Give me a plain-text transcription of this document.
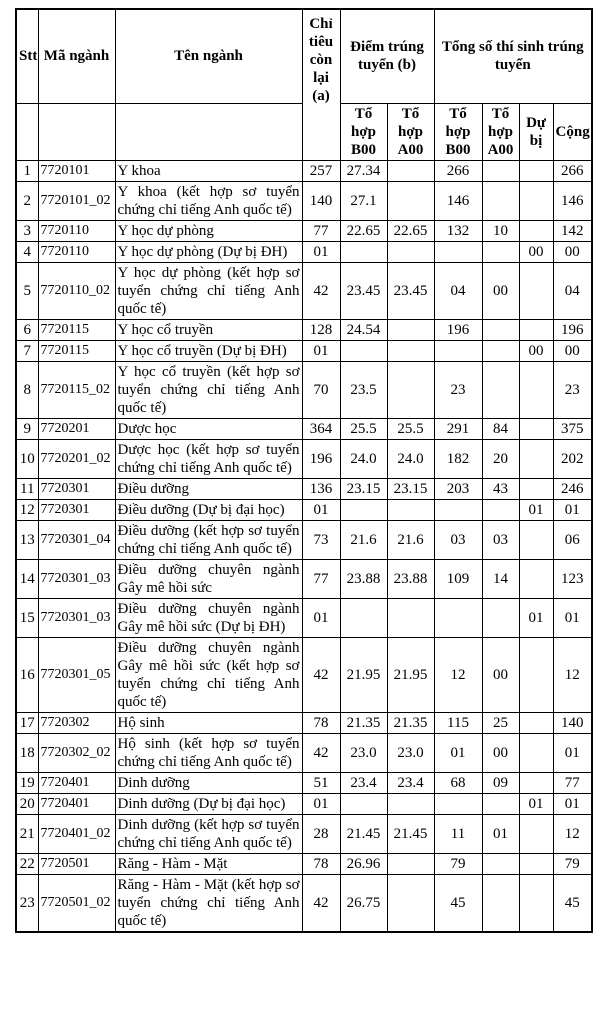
Stt	Mã ngành	Tên ngành	Chỉ tiêu còn lại (a)	Điểm trúng tuyển (b)		Tổng số thí sinh trúng tuyển			
				Tổ hợp B00	Tổ hợp A00	Tổ hợp B00	Tổ hợp A00	Dự bị	Cộng
1	7720101	Y khoa	257	27.34		266			266
2	7720101_02	Y khoa (kết hợp sơ tuyển chứng chỉ tiếng Anh quốc tế)	140	27.1		146			146
3	7720110	Y học dự phòng	77	22.65	22.65	132	10		142
4	7720110	Y học dự phòng (Dự bị ĐH)	01					00	00
5	7720110_02	Y học dự phòng (kết hợp sơ tuyển chứng chỉ tiếng Anh quốc tế)	42	23.45	23.45	04	00		04
6	7720115	Y học cổ truyền	128	24.54		196			196
7	7720115	Y học cổ truyền (Dự bị ĐH)	01					00	00
8	7720115_02	Y học cổ truyền (kết hợp sơ tuyển chứng chỉ tiếng Anh quốc tế)	70	23.5		23			23
9	7720201	Dược học	364	25.5	25.5	291	84		375
10	7720201_02	Dược học (kết hợp sơ tuyển chứng chỉ tiếng Anh quốc tế)	196	24.0	24.0	182	20		202
11	7720301	Điều dưỡng	136	23.15	23.15	203	43		246
12	7720301	Điều dưỡng (Dự bị đại học)	01					01	01
13	7720301_04	Điều dưỡng (kết hợp sơ tuyển chứng chỉ tiếng Anh quốc tế)	73	21.6	21.6	03	03		06
14	7720301_03	Điều dưỡng chuyên ngành Gây mê hồi sức	77	23.88	23.88	109	14		123
15	7720301_03	Điều dưỡng chuyên ngành Gây mê hồi sức (Dự bị ĐH)	01					01	01
16	7720301_05	Điều dưỡng chuyên ngành Gây mê hồi sức (kết hợp sơ tuyển chứng chỉ tiếng Anh quốc tế)	42	21.95	21.95	12	00		12
17	7720302	Hộ sinh	78	21.35	21.35	115	25		140
18	7720302_02	Hộ sinh (kết hợp sơ tuyển chứng chỉ tiếng Anh quốc tế)	42	23.0	23.0	01	00		01
19	7720401	Dinh dưỡng	51	23.4	23.4	68	09		77
20	7720401	Dinh dưỡng (Dự bị đại học)	01					01	01
21	7720401_02	Dinh dưỡng (kết hợp sơ tuyển chứng chỉ tiếng Anh quốc tế)	28	21.45	21.45	11	01		12
22	7720501	Răng - Hàm - Mặt	78	26.96		79			79
23	7720501_02	Răng - Hàm - Mặt (kết hợp sơ tuyển chứng chỉ tiếng Anh quốc tế)	42	26.75		45			45
